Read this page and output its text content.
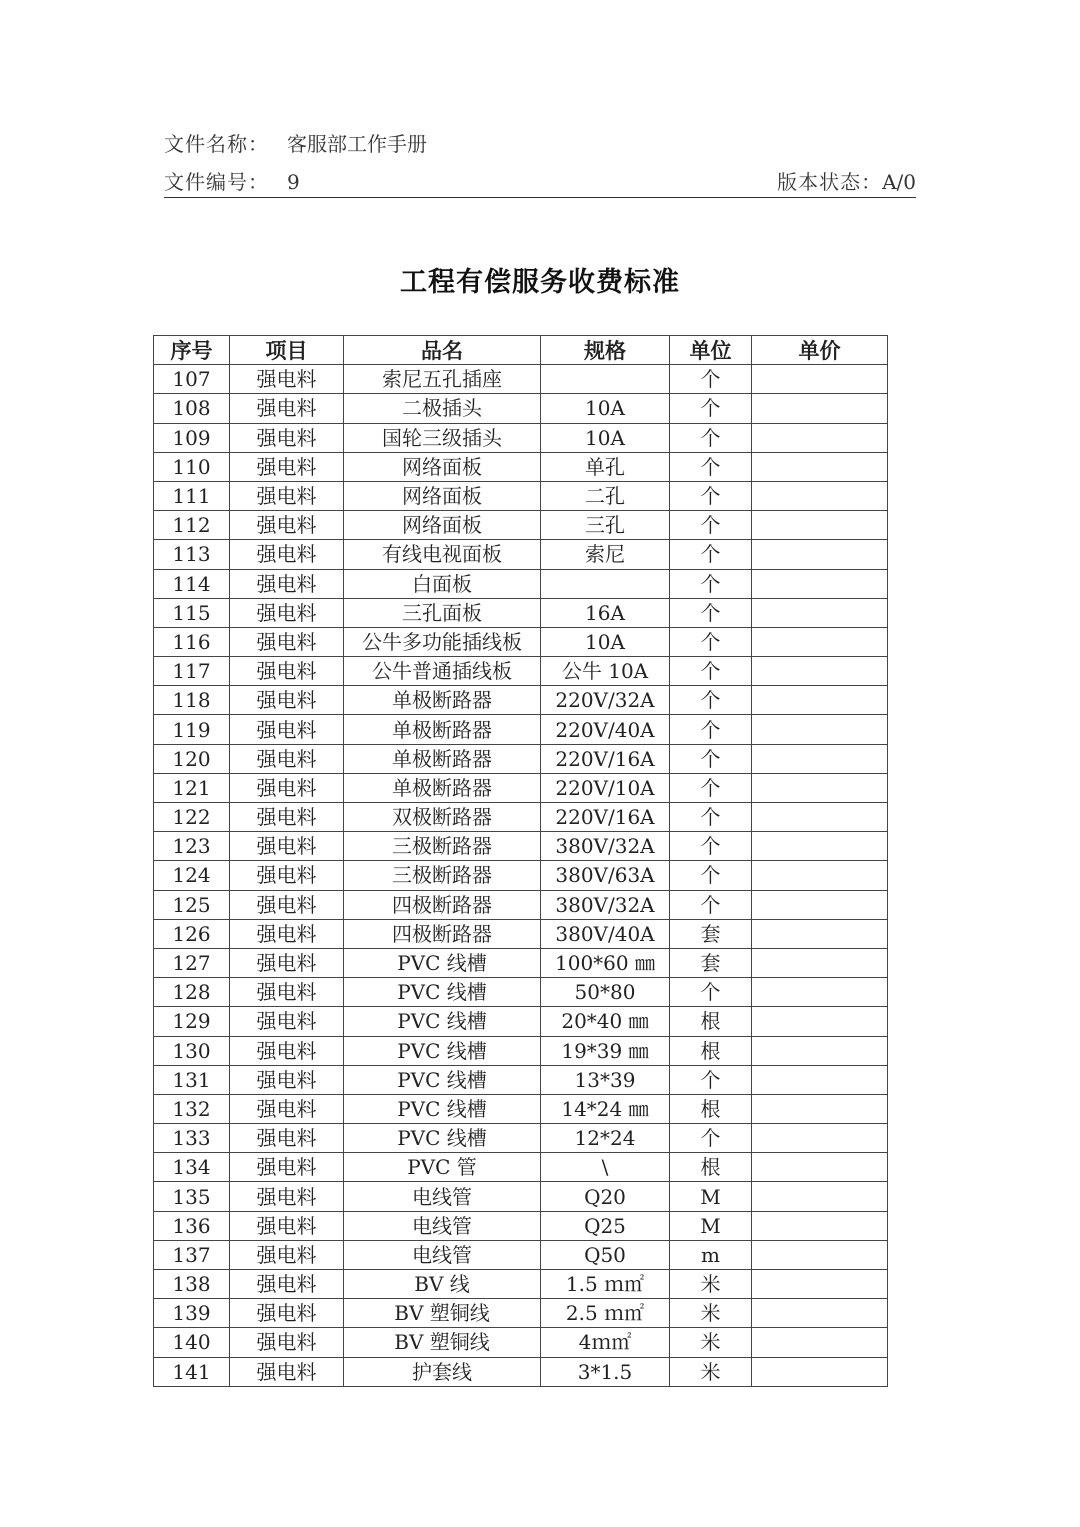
文件名称： 客服部工作手册
文件编号： 9	版本状态：A/0
工程有偿服务收费标准
序号	项目	品名	规格	单位	单价
107	强电料	索尼五孔插座		个	
108	强电料	二极插头	10A	个	
109	强电料	国轮三级插头	10A	个	
110	强电料	网络面板	单孔	个	
111	强电料	网络面板	二孔	个	
112	强电料	网络面板	三孔	个	
113	强电料	有线电视面板	索尼	个	
114	强电料	白面板		个	
115	强电料	三孔面板	16A	个	
116	强电料	公牛多功能插线板	10A	个	
117	强电料	公牛普通插线板	公牛 10A	个	
118	强电料	单极断路器	220V/32A	个	
119	强电料	单极断路器	220V/40A	个	
120	强电料	单极断路器	220V/16A	个	
121	强电料	单极断路器	220V/10A	个	
122	强电料	双极断路器	220V/16A	个	
123	强电料	三极断路器	380V/32A	个	
124	强电料	三极断路器	380V/63A	个	
125	强电料	四极断路器	380V/32A	个	
126	强电料	四极断路器	380V/40A	套	
127	强电料	PVC 线槽	100*60 ㎜	套	
128	强电料	PVC 线槽	50*80	个	
129	强电料	PVC 线槽	20*40 ㎜	根	
130	强电料	PVC 线槽	19*39 ㎜	根	
131	强电料	PVC 线槽	13*39	个	
132	强电料	PVC 线槽	14*24 ㎜	根	
133	强电料	PVC 线槽	12*24	个	
134	强电料	PVC 管	\	根	
135	强电料	电线管	Q20	M	
136	强电料	电线管	Q25	M	
137	强电料	电线管	Q50	m	
138	强电料	BV 线	1.5 ｍ㎡	米	
139	强电料	BV 塑铜线	2.5 ｍ㎡	米	
140	强电料	BV 塑铜线	4ｍ㎡	米	
141	强电料	护套线	3*1.5	米	
